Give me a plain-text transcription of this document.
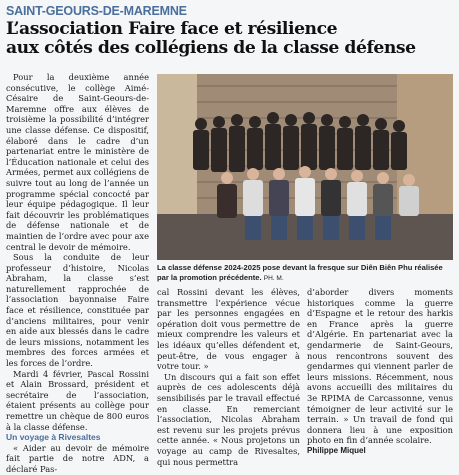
SAINT-GEOURS-DE-MAREMNE
L’association Faire face et résilience
aux côtés des collégiens de la classe défense

Pour la deuxième année consécutive, le collège Aimé-Césaire de Saint-Geours-de-Maremne offre aux élèves de troisième la possibilité d’intégrer une classe défense. Ce dispositif, élaboré dans le cadre d’un partenariat entre le ministère de l’Éducation nationale et celui des Armées, permet aux collégiens de suivre tout au long de l’année un programme spécial concocté par leur équipe pédagogique. Il leur fait découvrir les problématiques de défense nationale et de maintien de l’ordre avec pour axe central le devoir de mémoire.

Sous la conduite de leur professeur d’histoire, Nicolas Abraham, la classe s’est naturellement rapprochée de l’association bayonnaise Faire face et résilience, constituée par d’anciens militaires, pour venir en aide aux blessés dans le cadre de leurs missions, notamment les membres des forces armées et les forces de l’ordre.

Mardi 4 février, Pascal Rossini et Alain Brossard, président et secrétaire de l’association, étaient présents au collège pour remettre un chèque de 800 euros à la classe défense.

Un voyage à Rivesaltes

« Aider au devoir de mémoire fait partie de notre ADN, a déclaré Pas-

La classe défense 2024-2025 pose devant la fresque sur Diên Biên Phu réalisée par la promotion précédente. PH. M.

cal Rossini devant les élèves, transmettre l’expérience vécue par les personnes engagées en opération doit vous permettre de mieux comprendre les valeurs et les idéaux qu’elles défendent et, peut-être, de vous engager à votre tour. »

Un discours qui a fait son effet auprès de ces adolescents déjà sensibilisés par le travail effectué en classe. En remerciant l’association, Nicolas Abraham est revenu sur les projets prévus cette année. « Nous projetons un voyage au camp de Rivesaltes, qui nous permettra

d’aborder divers moments historiques comme la guerre d’Espagne et le retour des harkis en France après la guerre d’Algérie. En partenariat avec la gendarmerie de Saint-Geours, nous rencontrons souvent des gendarmes qui viennent parler de leurs missions. Récemment, nous avons accueilli des militaires du 3e RPIMA de Carcassonne, venus témoigner de leur activité sur le terrain. » Un travail de fond qui donnera lieu à une exposition photo en fin d’année scolaire.

Philippe Miquel
